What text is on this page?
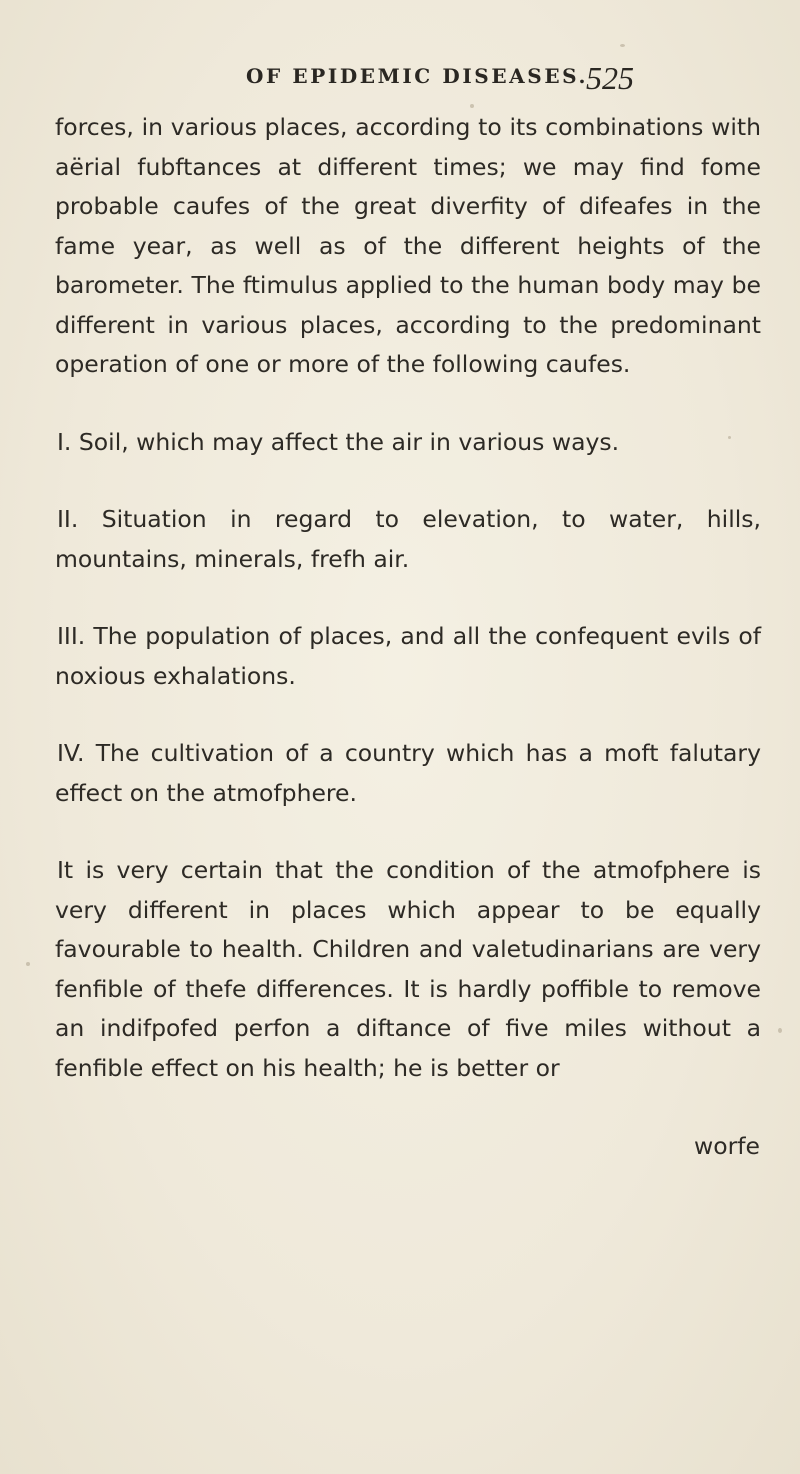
OF EPIDEMIC DISEASES.
525

forces, in various places, according to its combinations with aërial fubftances at different times; we may find fome probable caufes of the great diverfity of difeafes in the fame year, as well as of the different heights of the barometer. The ftimulus applied to the human body may be different in various places, according to the predominant operation of one or more of the following caufes.

I. Soil, which may affect the air in various ways.

II. Situation in regard to elevation, to water, hills, mountains, minerals, frefh air.

III. The population of places, and all the confequent evils of noxious exhalations.

IV. The cultivation of a country which has a moft falutary effect on the atmofphere.

It is very certain that the condition of the atmofphere is very different in places which appear to be equally favourable to health. Children and valetudinarians are very fenfible of thefe differences. It is hardly poffible to remove an indifpofed perfon a diftance of five miles without a fenfible effect on his health; he is better or

worfe
